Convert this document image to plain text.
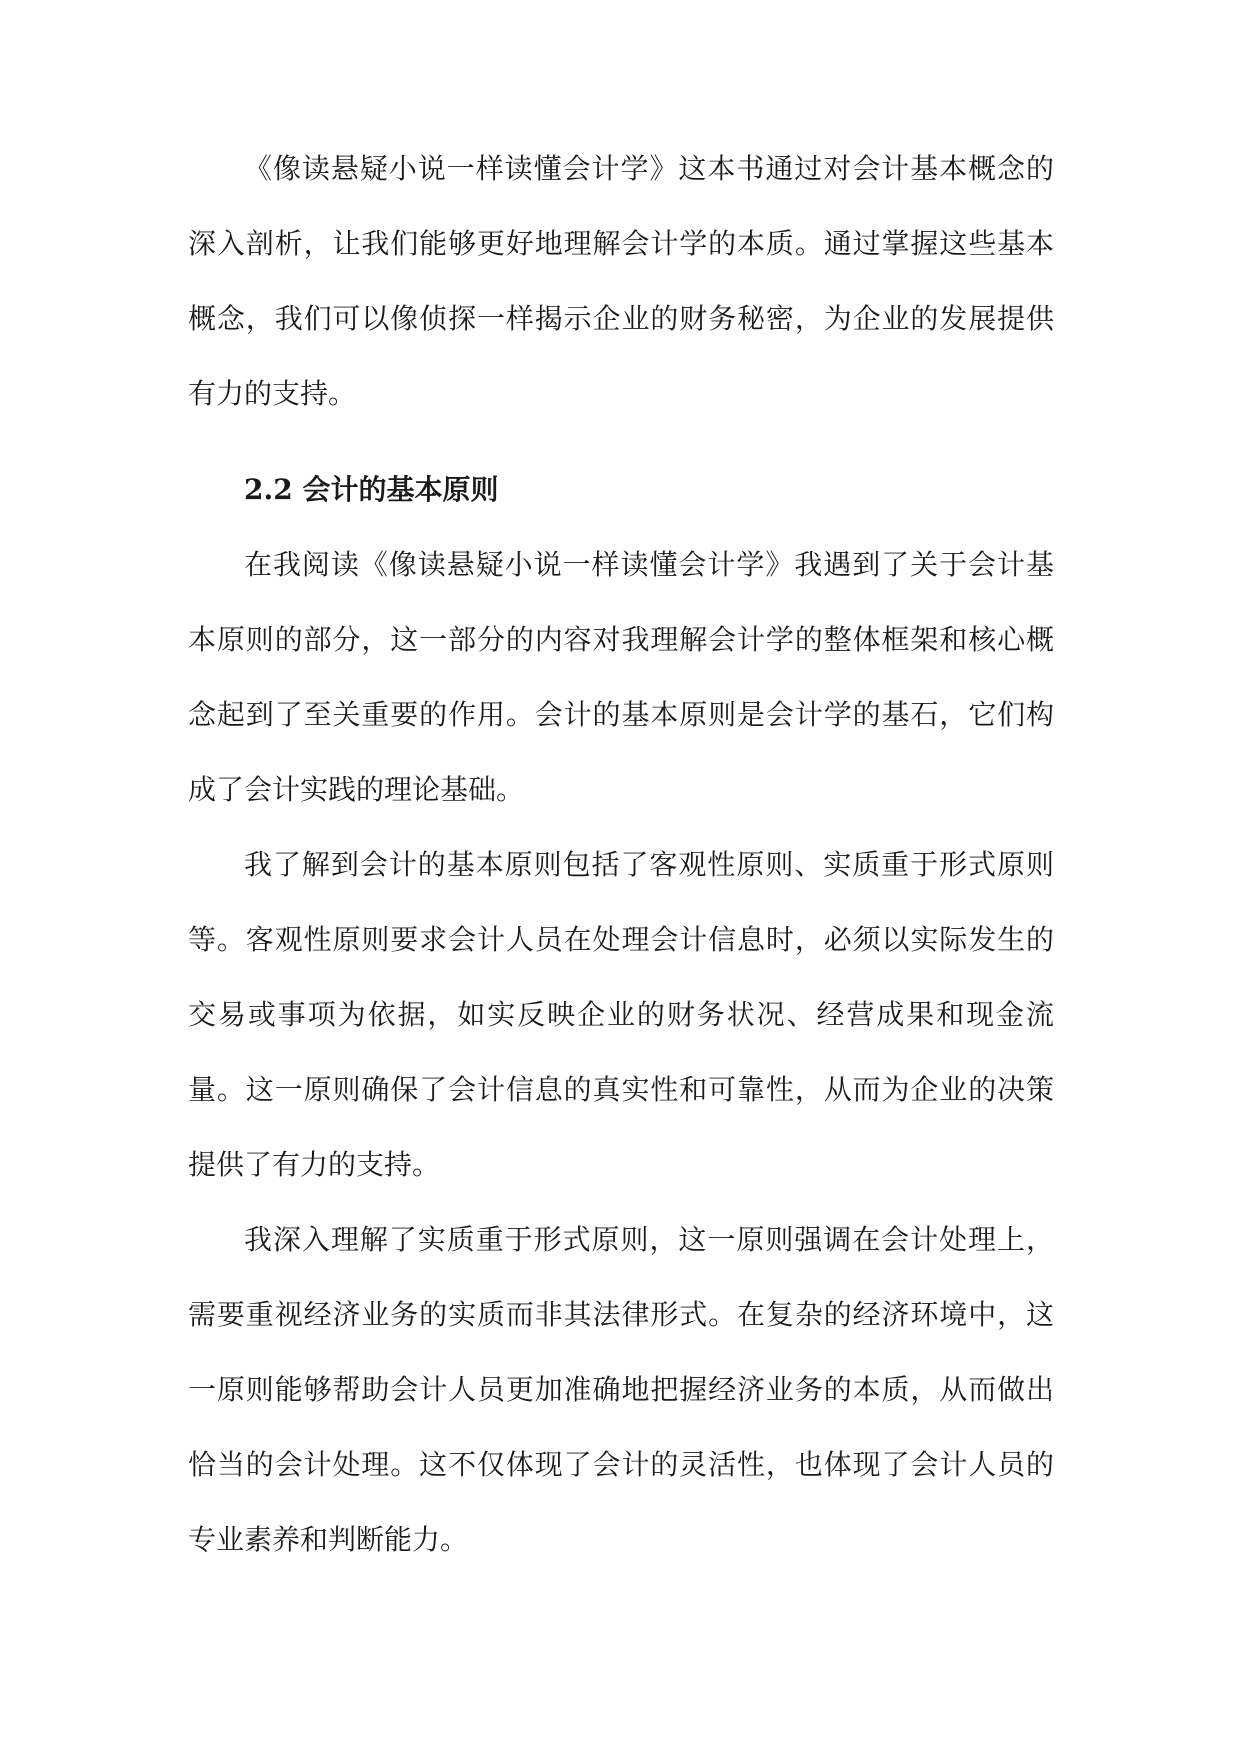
《像读悬疑小说一样读懂会计学》这本书通过对会计基本概念的深入剖析，让我们能够更好地理解会计学的本质。通过掌握这些基本概念，我们可以像侦探一样揭示企业的财务秘密，为企业的发展提供有力的支持。

2.2 会计的基本原则

在我阅读《像读悬疑小说一样读懂会计学》我遇到了关于会计基本原则的部分，这一部分的内容对我理解会计学的整体框架和核心概念起到了至关重要的作用。会计的基本原则是会计学的基石，它们构成了会计实践的理论基础。

我了解到会计的基本原则包括了客观性原则、实质重于形式原则等。客观性原则要求会计人员在处理会计信息时，必须以实际发生的交易或事项为依据，如实反映企业的财务状况、经营成果和现金流量。这一原则确保了会计信息的真实性和可靠性，从而为企业的决策提供了有力的支持。

我深入理解了实质重于形式原则，这一原则强调在会计处理上，需要重视经济业务的实质而非其法律形式。在复杂的经济环境中，这一原则能够帮助会计人员更加准确地把握经济业务的本质，从而做出恰当的会计处理。这不仅体现了会计的灵活性，也体现了会计人员的专业素养和判断能力。
